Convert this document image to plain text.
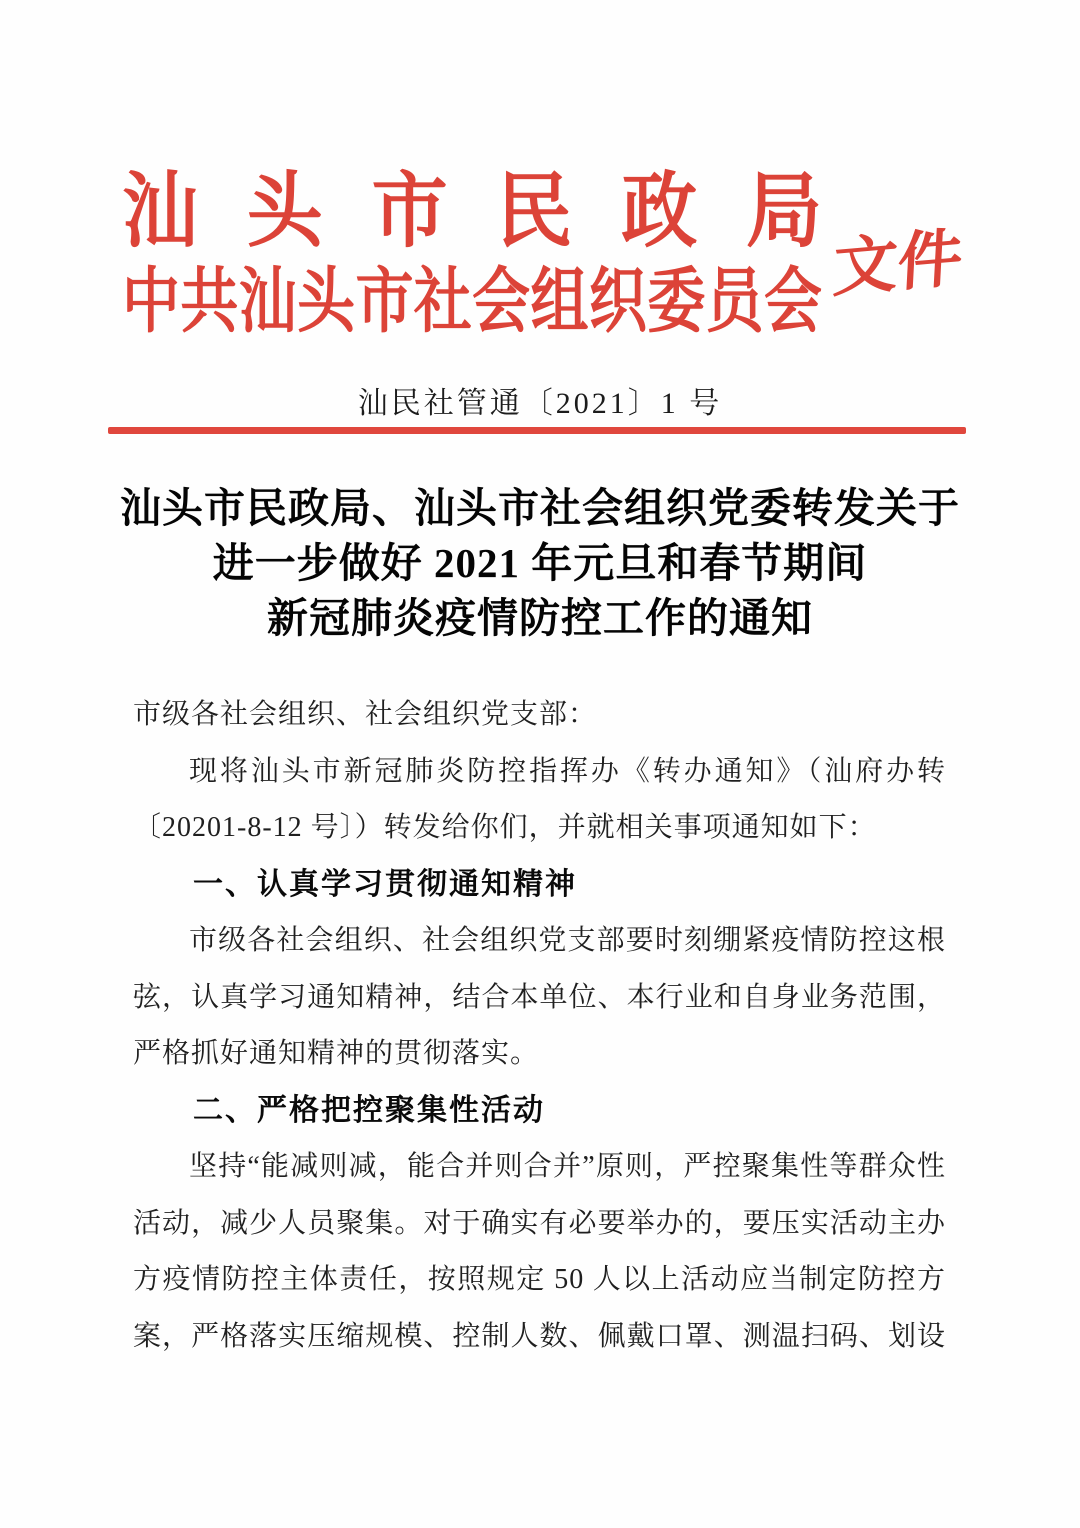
汕头市民政局
中共汕头市社会组织委员会 文件
汕民社管通〔2021〕1 号
汕头市民政局、汕头市社会组织党委转发关于
进一步做好 2021 年元旦和春节期间
新冠肺炎疫情防控工作的通知

市级各社会组织、社会组织党支部：

现将汕头市新冠肺炎防控指挥办《转办通知》（汕府办转

〔20201-8-12 号〕）转发给你们，并就相关事项通知如下：

一、认真学习贯彻通知精神

市级各社会组织、社会组织党支部要时刻绷紧疫情防控这根

弦，认真学习通知精神，结合本单位、本行业和自身业务范围，

严格抓好通知精神的贯彻落实。

二、严格把控聚集性活动

坚持“能减则减，能合并则合并”原则，严控聚集性等群众性

活动，减少人员聚集。对于确实有必要举办的，要压实活动主办

方疫情防控主体责任，按照规定 50 人以上活动应当制定防控方

案，严格落实压缩规模、控制人数、佩戴口罩、测温扫码、划设
